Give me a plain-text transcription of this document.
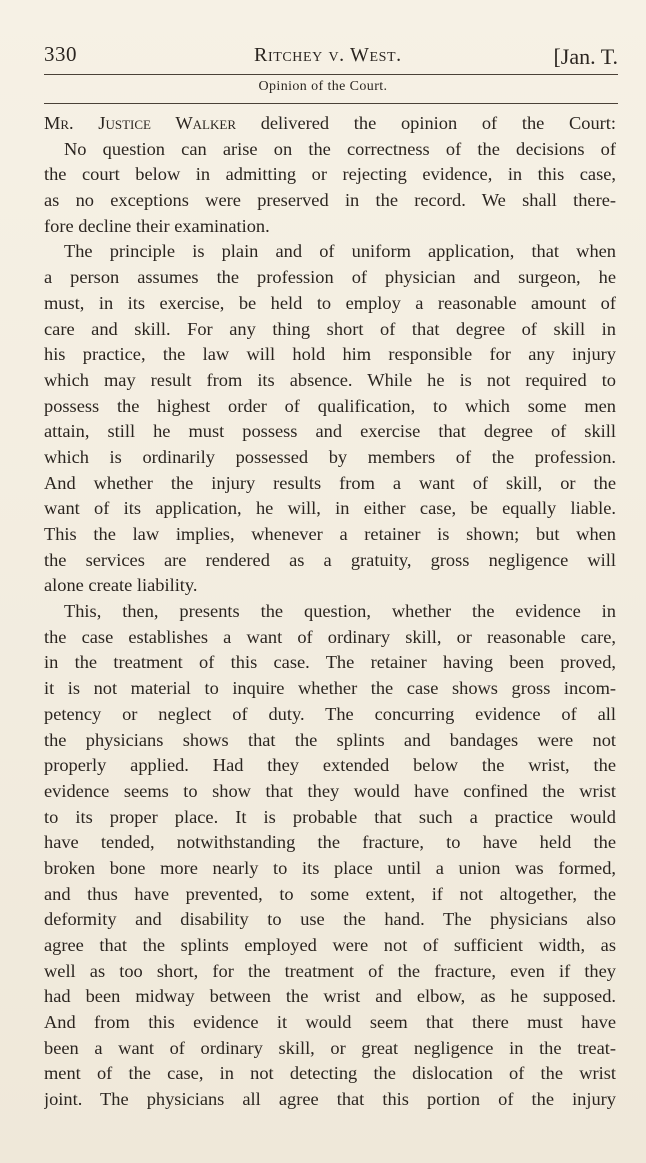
330	Ritchey v. West.	[Jan. T.
Opinion of the Court.
Mr. Justice Walker delivered the opinion of the Court:
No question can arise on the correctness of the decisions of
the court below in admitting or rejecting evidence, in this case,
as no exceptions were preserved in the record. We shall there-
fore decline their examination.
The principle is plain and of uniform application, that when
a person assumes the profession of physician and surgeon, he
must, in its exercise, be held to employ a reasonable amount of
care and skill. For any thing short of that degree of skill in
his practice, the law will hold him responsible for any injury
which may result from its absence. While he is not required to
possess the highest order of qualification, to which some men
attain, still he must possess and exercise that degree of skill
which is ordinarily possessed by members of the profession.
And whether the injury results from a want of skill, or the
want of its application, he will, in either case, be equally liable.
This the law implies, whenever a retainer is shown; but when
the services are rendered as a gratuity, gross negligence will
alone create liability.
This, then, presents the question, whether the evidence in
the case establishes a want of ordinary skill, or reasonable care,
in the treatment of this case. The retainer having been proved,
it is not material to inquire whether the case shows gross incom-
petency or neglect of duty. The concurring evidence of all
the physicians shows that the splints and bandages were not
properly applied. Had they extended below the wrist, the
evidence seems to show that they would have confined the wrist
to its proper place. It is probable that such a practice would
have tended, notwithstanding the fracture, to have held the
broken bone more nearly to its place until a union was formed,
and thus have prevented, to some extent, if not altogether, the
deformity and disability to use the hand. The physicians also
agree that the splints employed were not of sufficient width, as
well as too short, for the treatment of the fracture, even if they
had been midway between the wrist and elbow, as he supposed.
And from this evidence it would seem that there must have
been a want of ordinary skill, or great negligence in the treat-
ment of the case, in not detecting the dislocation of the wrist
joint. The physicians all agree that this portion of the injury
